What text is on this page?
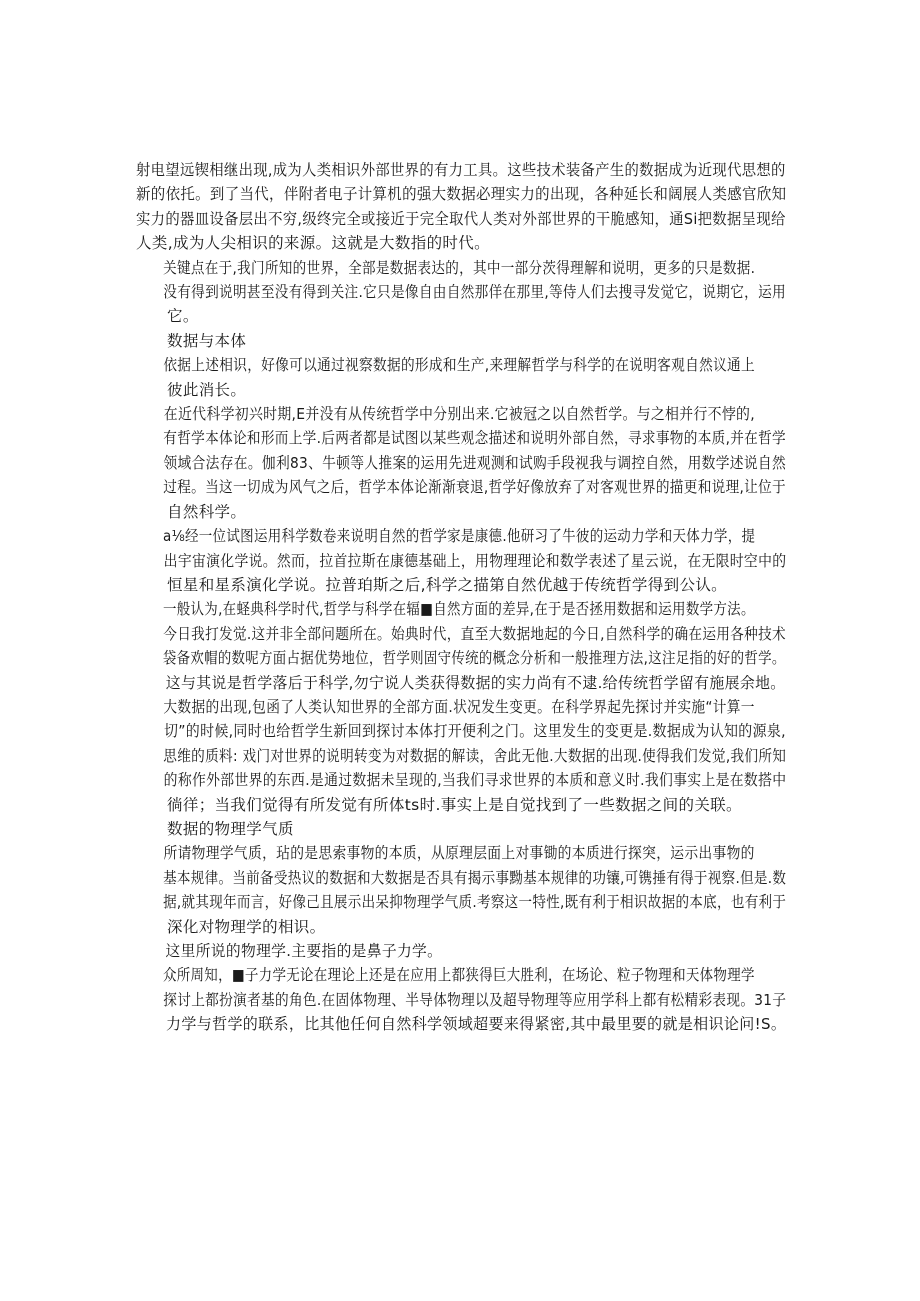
射电望远锲相继出现,成为人类相识外部世界的有力工具。这些技术装备产生的数据成为近现代思想的
新的依托。到了当代，伴附者电子计算机的强大数据必理实力的出现，各种延长和阔展人类感官欣知
实力的器皿设备层出不穷,级终完全或接近于完全取代人类对外部世界的干脆感知，通Si把数据呈现给
人类,成为人尖相识的来源。这就是大数指的时代。
关键点在于,我门所知的世界，全部是数据表达的，其中一部分茨得理解和说明，更多的只是数据.
没有得到说明甚至没有得到关注.它只是像自由自然那佯在那里,等侍人们去搜寻发觉它，说期它，运用
它。
数据与本体
依据上述相识，好像可以通过视察数据的形成和生产,来理解哲学与科学的在说明客观自然议通上
彼此消长。
在近代科学初兴时期,E并没有从传统哲学中分别出来.它被冠之以自然哲学。与之相并行不悖的,
有哲学本体论和形而上学.后两者都是试图以某些观念描述和说明外部自然，寻求事物的本质,并在哲学
领域合法存在。伽利83、牛顿等人推案的运用先进观测和试购手段视我与调控自然，用数学述说自然
过程。当这一切成为风气之后，哲学本体论渐渐衰退,哲学好像放弃了对客观世界的描更和说理,让位于
自然科学。
a⅛经一位试图运用科学数卷来说明自然的哲学家是康德.他研习了牛彼的运动力学和天体力学，提
出宇宙演化学说。然而，拉首拉斯在康德基础上，用物理理论和数学表述了星云说，在无限时空中的
恒星和星系演化学说。拉普珀斯之后,科学之描第自然优越于传统哲学得到公认。
一般认为,在蛏典科学时代,哲学与科学在辐■自然方面的差异,在于是否拯用数据和运用数学方法。
今日我打发觉.这并非全部问题所在。始典时代，直至大数据地起的今日,自然科学的确在运用各种技术
袋备欢帽的数呢方面占据优势地位，哲学则固守传统的概念分析和一般推理方法,这注足指的好的哲学。
这与其说是哲学落后于科学,勿宁说人类获得数据的实力尚有不逮.给传统哲学留有施展余地。
大数据的出现,包函了人类认知世界的全部方面.状况发生变更。在科学界起先探讨并实施“计算一
切”的时候,同时也给哲学生新回到探讨本体打开便利之门。这里发生的变更是.数据成为认知的源泉,
思维的质料: 戏门对世界的说明转变为对数据的解读，舍此无他.大数据的出现.使得我们发觉,我们所知
的称作外部世界的东西.是通过数据未呈现的,当我们寻求世界的本质和意义时.我们事实上是在数搭中
徜徉；当我们觉得有所发觉有所体ts时.事实上是自觉找到了一些数据之间的关联。
数据的物理学气质
所请物理学气质，玷的是思索事物的本质，从原理层面上对事锄的本质进行探突，运示出事物的
基本规律。当前备受热议的数据和大数据是否具有揭示事黝基本规律的功镶,可镌捶有得于视察.但是.数
据,就其现年而言，好像己且展示出呆抑物理学气质.考察这一特性,既有利于相识故据的本底，也有利于
深化对物理学的相识。
这里所说的物理学.主要指的是鼻子力学。
众所周知，■子力学无论在理论上还是在应用上都狭得巨大胜利，在场论、粒子物理和天体物理学
探讨上都扮演者基的角色.在固体物理、半导体物理以及超导物理等应用学科上都有松精彩表现。31子
力学与哲学的联系，比其他任何自然科学领域超要来得紧密,其中最里要的就是相识论问!S。
